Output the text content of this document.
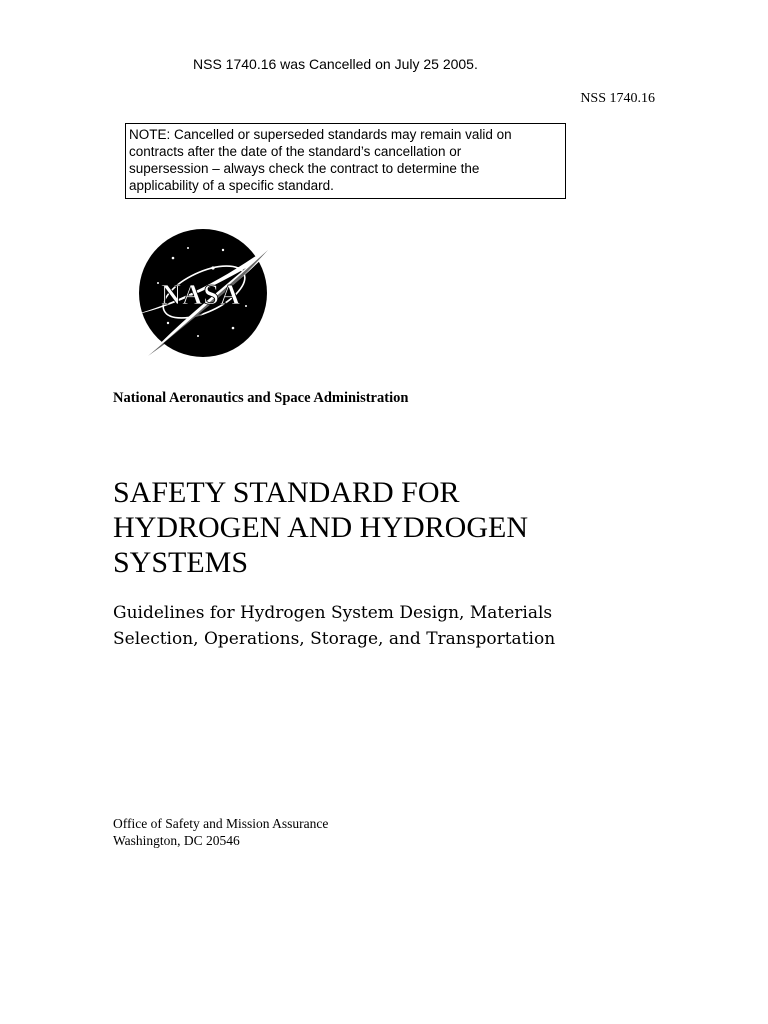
NSS 1740.16 was Cancelled on July 25 2005.
NSS 1740.16
NOTE: Cancelled or superseded standards may remain valid on
contracts after the date of the standard’s cancellation or
supersession – always check the contract to determine the
applicability of a specific standard.
NASA
National Aeronautics and Space Administration
SAFETY STANDARD FOR
HYDROGEN AND HYDROGEN
SYSTEMS
Guidelines for Hydrogen System Design, Materials
Selection, Operations, Storage, and Transportation
Office of Safety and Mission Assurance
Washington, DC 20546
